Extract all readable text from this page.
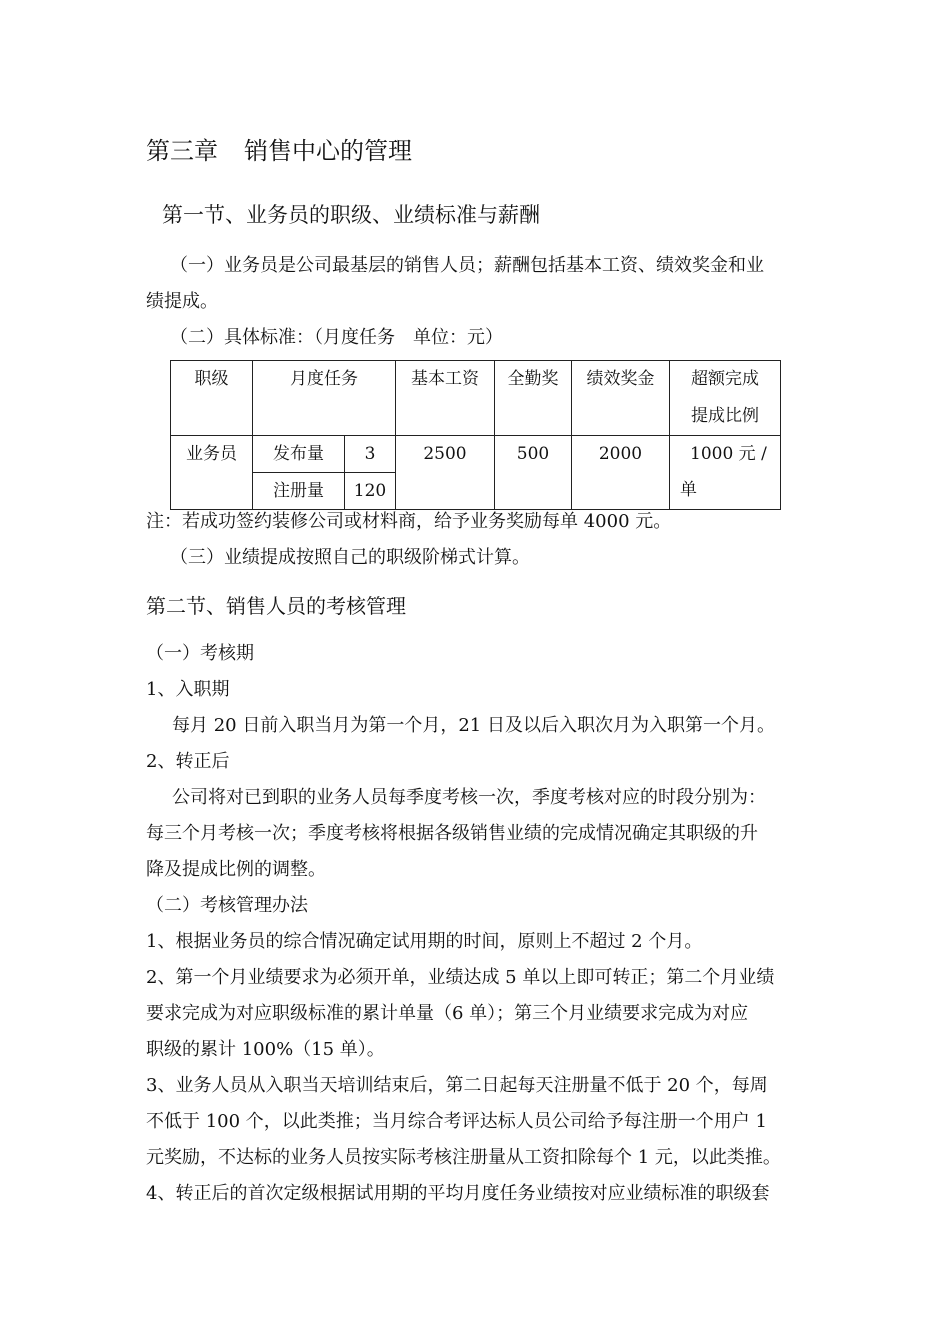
第三章 销售中心的管理
第一节、业务员的职级、业绩标准与薪酬
（一）业务员是公司最基层的销售人员；薪酬包括基本工资、绩效奖金和业
绩提成。
（二）具体标准：（月度任务　单位：元）
职级	月度任务		基本工资	全勤奖	绩效奖金	超额完成
提成比例

业务员	发布量	3	2500	500	2000	1000 元 /
单

	注册量	120				
注：若成功签约装修公司或材料商，给予业务奖励每单 4000 元。
（三）业绩提成按照自己的职级阶梯式计算。
第二节、销售人员的考核管理
（一）考核期
1、入职期
每月 20 日前入职当月为第一个月，21 日及以后入职次月为入职第一个月。
2、转正后
公司将对已到职的业务人员每季度考核一次，季度考核对应的时段分别为：
每三个月考核一次；季度考核将根据各级销售业绩的完成情况确定其职级的升
降及提成比例的调整。
（二）考核管理办法
1、根据业务员的综合情况确定试用期的时间，原则上不超过 2 个月。
2、第一个月业绩要求为必须开单，业绩达成 5 单以上即可转正；第二个月业绩
要求完成为对应职级标准的累计单量（6 单）；第三个月业绩要求完成为对应
职级的累计 100%（15 单）。
3、业务人员从入职当天培训结束后，第二日起每天注册量不低于 20 个，每周
不低于 100 个，以此类推；当月综合考评达标人员公司给予每注册一个用户 1
元奖励，不达标的业务人员按实际考核注册量从工资扣除每个 1 元，以此类推。
4、转正后的首次定级根据试用期的平均月度任务业绩按对应业绩标准的职级套
